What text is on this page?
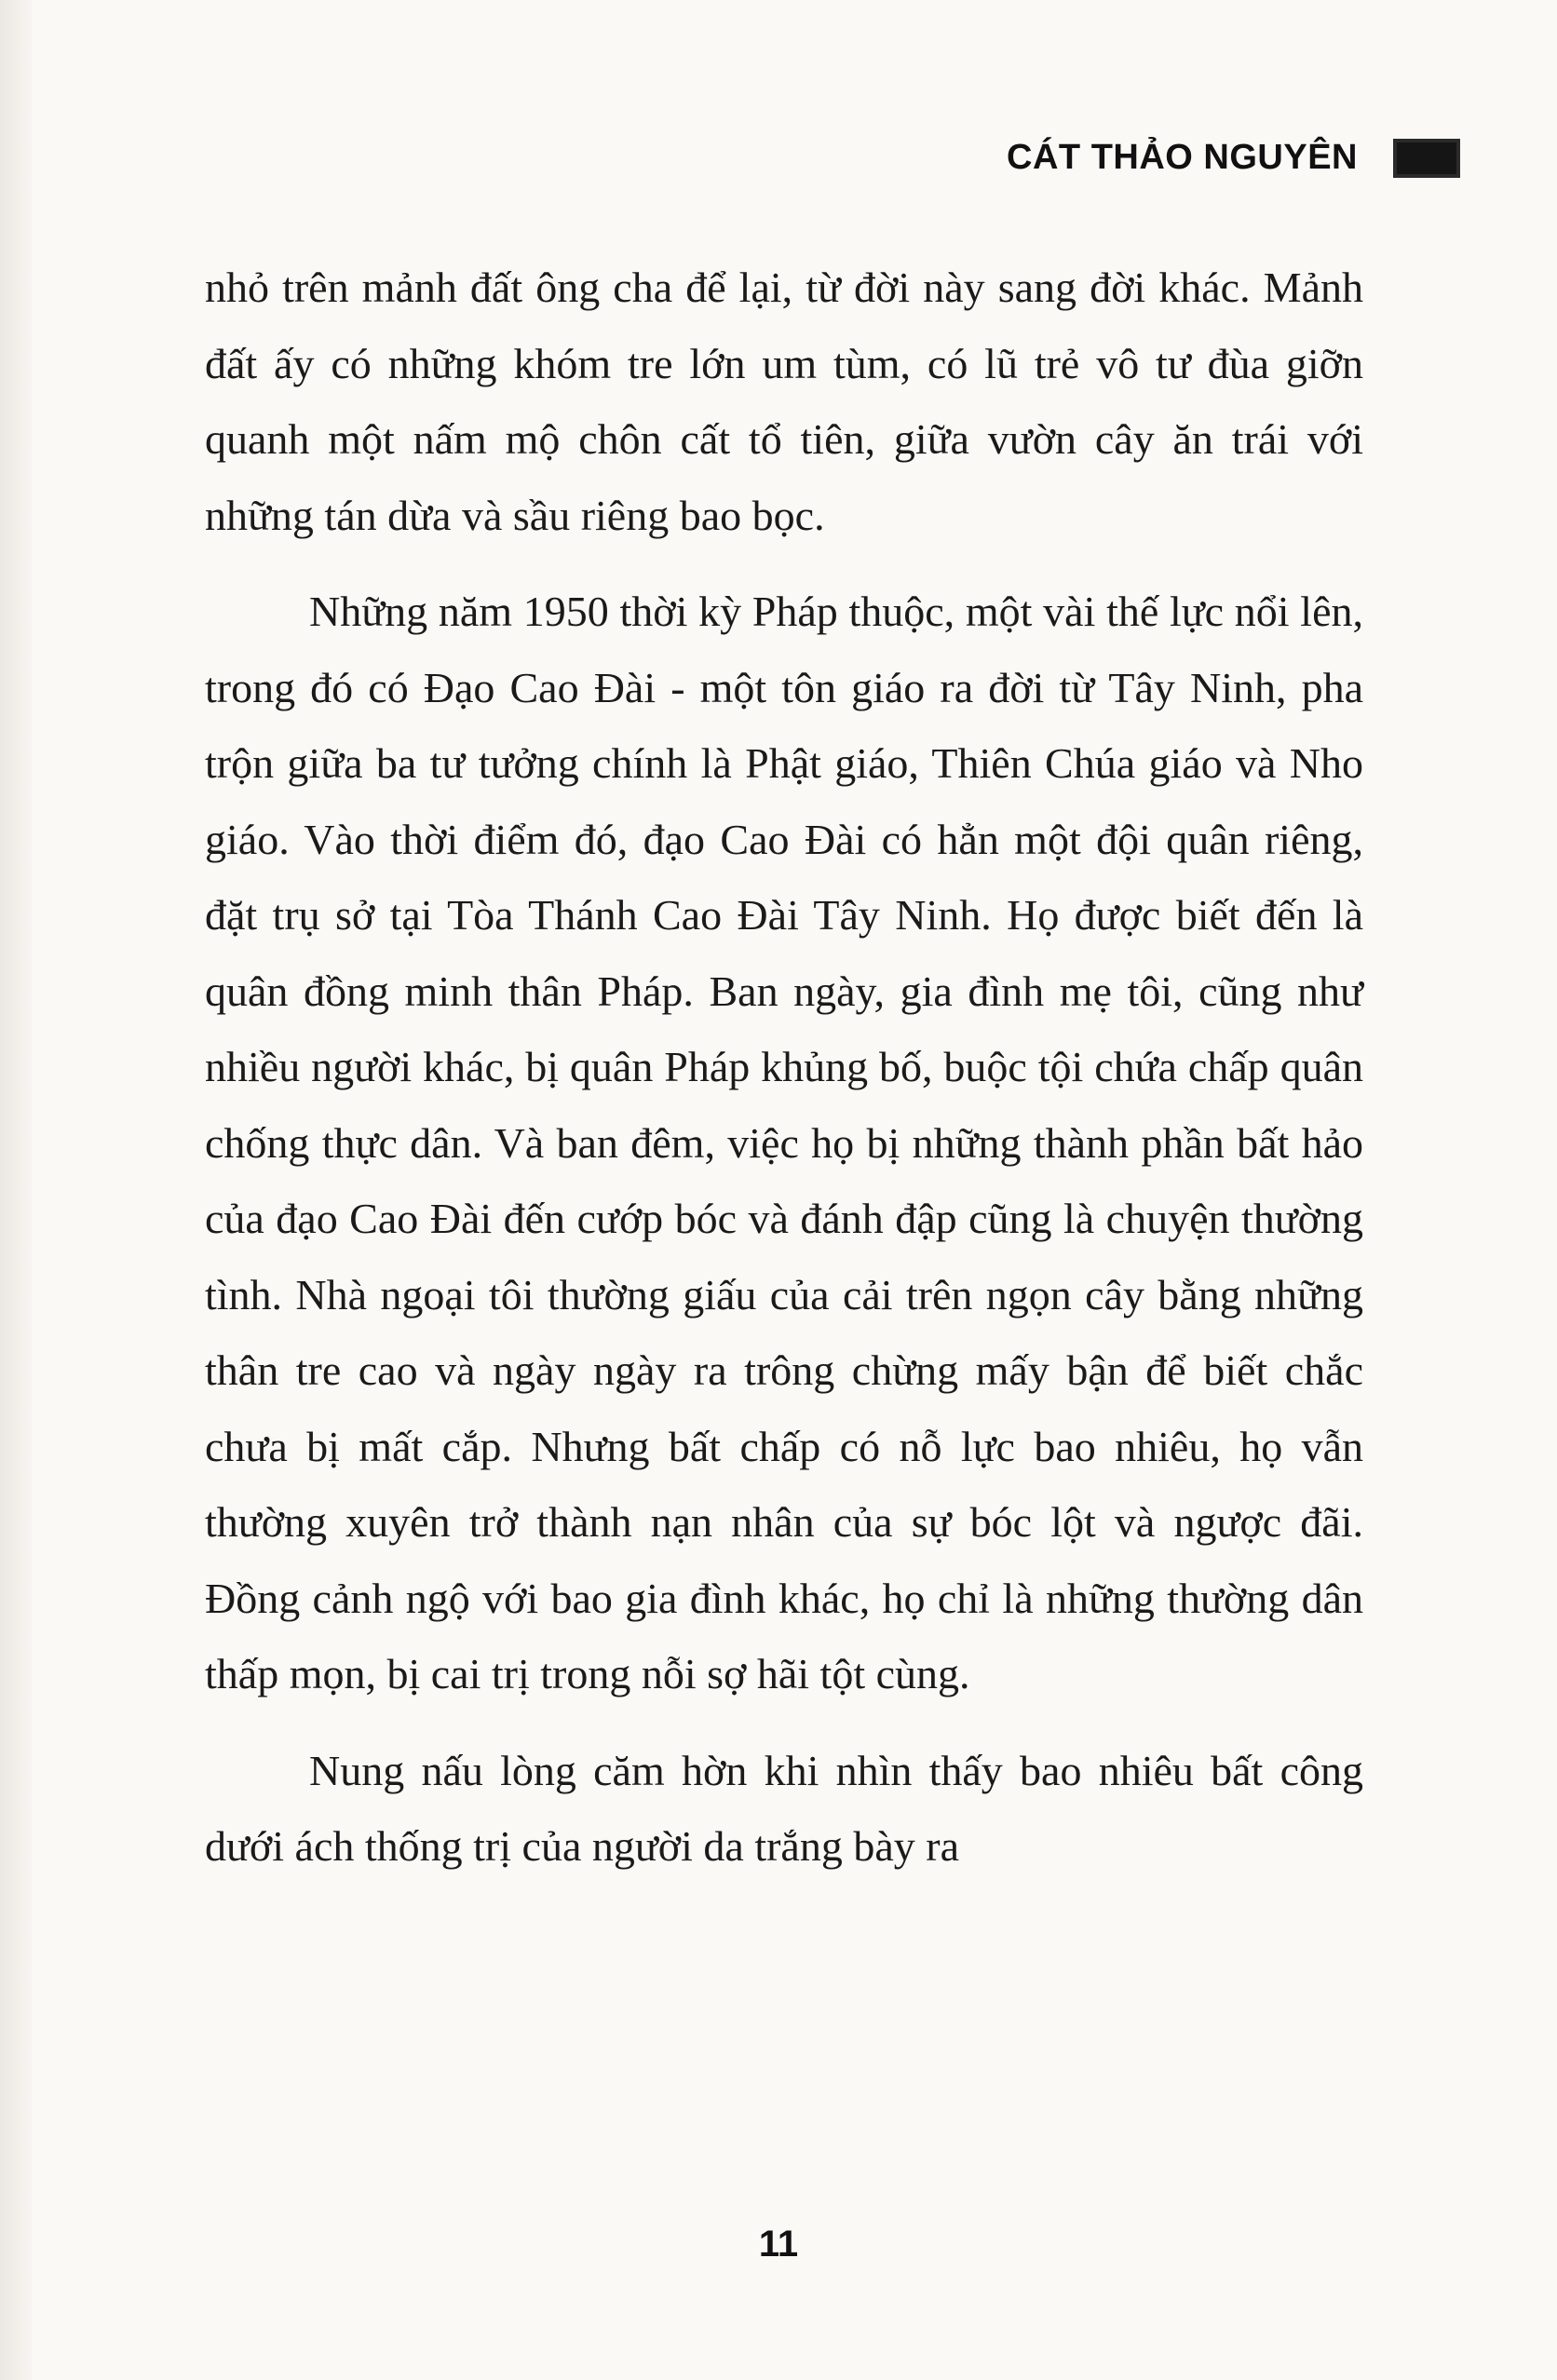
CÁT THẢO NGUYÊN

nhỏ trên mảnh đất ông cha để lại, từ đời này sang đời khác. Mảnh đất ấy có những khóm tre lớn um tùm, có lũ trẻ vô tư đùa giỡn quanh một nấm mộ chôn cất tổ tiên, giữa vườn cây ăn trái với những tán dừa và sầu riêng bao bọc.

Những năm 1950 thời kỳ Pháp thuộc, một vài thế lực nổi lên, trong đó có Đạo Cao Đài - một tôn giáo ra đời từ Tây Ninh, pha trộn giữa ba tư tưởng chính là Phật giáo, Thiên Chúa giáo và Nho giáo. Vào thời điểm đó, đạo Cao Đài có hẳn một đội quân riêng, đặt trụ sở tại Tòa Thánh Cao Đài Tây Ninh. Họ được biết đến là quân đồng minh thân Pháp. Ban ngày, gia đình mẹ tôi, cũng như nhiều người khác, bị quân Pháp khủng bố, buộc tội chứa chấp quân chống thực dân. Và ban đêm, việc họ bị những thành phần bất hảo của đạo Cao Đài đến cướp bóc và đánh đập cũng là chuyện thường tình. Nhà ngoại tôi thường giấu của cải trên ngọn cây bằng những thân tre cao và ngày ngày ra trông chừng mấy bận để biết chắc chưa bị mất cắp. Nhưng bất chấp có nỗ lực bao nhiêu, họ vẫn thường xuyên trở thành nạn nhân của sự bóc lột và ngược đãi. Đồng cảnh ngộ với bao gia đình khác, họ chỉ là những thường dân thấp mọn, bị cai trị trong nỗi sợ hãi tột cùng.

Nung nấu lòng căm hờn khi nhìn thấy bao nhiêu bất công dưới ách thống trị của người da trắng bày ra

11
